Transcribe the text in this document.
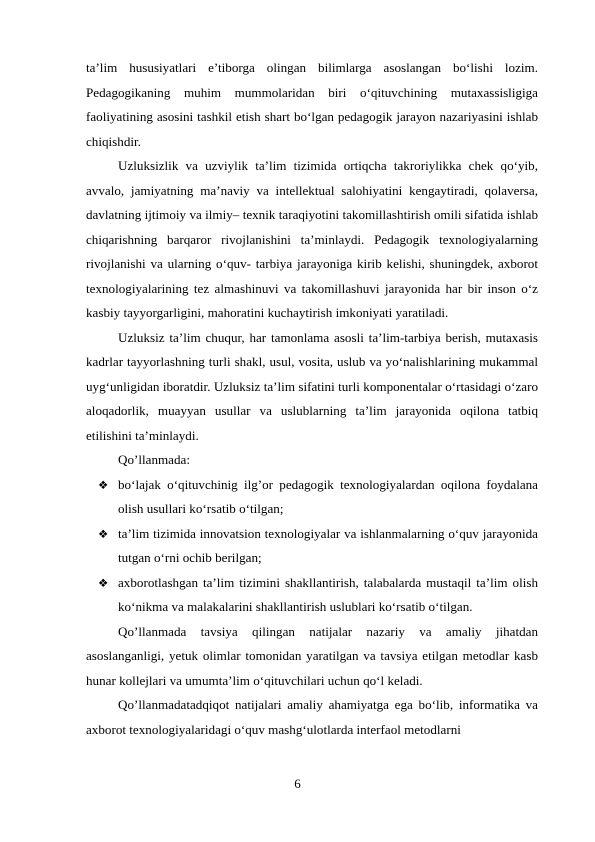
ta’lim hususiyatlari e’tiborga olingan bilimlarga asoslangan bo‘lishi lozim. Pedagogikaning muhim mummolaridan biri o‘qituvchining mutaxassisligiga faoliyatining asosini tashkil etish shart bo‘lgan pedagogik jarayon nazariyasini ishlab chiqishdir.

Uzluksizlik va uzviylik ta’lim tizimida ortiqcha takroriylikka chek qo‘yib, avvalo, jamiyatning ma’naviy va intellektual salohiyatini kengaytiradi, qolaversa, davlatning ijtimoiy va ilmiy– texnik taraqiyotini takomillashtirish omili sifatida ishlab chiqarishning barqaror rivojlanishini ta’minlaydi. Pedagogik texnologiyalarning rivojlanishi va ularning o‘quv- tarbiya jarayoniga kirib kelishi, shuningdek, axborot texnologiyalarining tez almashinuvi va takomillashuvi jarayonida har bir inson o‘z kasbiy tayyorgarligini, mahoratini kuchaytirish imkoniyati yaratiladi.

Uzluksiz ta’lim chuqur, har tamonlama asosli ta’lim-tarbiya berish, mutaxasis kadrlar tayyorlashning turli shakl, usul, vosita, uslub va yo‘nalishlarining mukammal uyg‘unligidan iboratdir. Uzluksiz ta’lim sifatini turli komponentalar o‘rtasidagi o‘zaro aloqadorlik, muayyan usullar va uslublarning ta’lim jarayonida oqilona tatbiq etilishini ta’minlaydi.

Qo’llanmada:

❖ bo‘lajak o‘qituvchinig ilg’or pedagogik texnologiyalardan oqilona foydalana olish usullari ko‘rsatib o‘tilgan;
❖ ta’lim tizimida innovatsion texnologiyalar va ishlanmalarning o‘quv jarayonida tutgan o‘rni ochib berilgan;
❖ axborotlashgan ta’lim tizimini shakllantirish, talabalarda mustaqil ta’lim olish ko‘nikma va malakalarini shakllantirish uslublari ko‘rsatib o‘tilgan.

Qo’llanmada tavsiya qilingan natijalar nazariy va amaliy jihatdan asoslanganligi, yetuk olimlar tomonidan yaratilgan va tavsiya etilgan metodlar kasb hunar kollejlari va umumta’lim o‘qituvchilari uchun qo‘l keladi.

Qo’llanmadatadqiqot natijalari amaliy ahamiyatga ega bo‘lib, informatika va axborot texnologiyalaridagi o‘quv mashg‘ulotlarda interfaol metodlarni

6
